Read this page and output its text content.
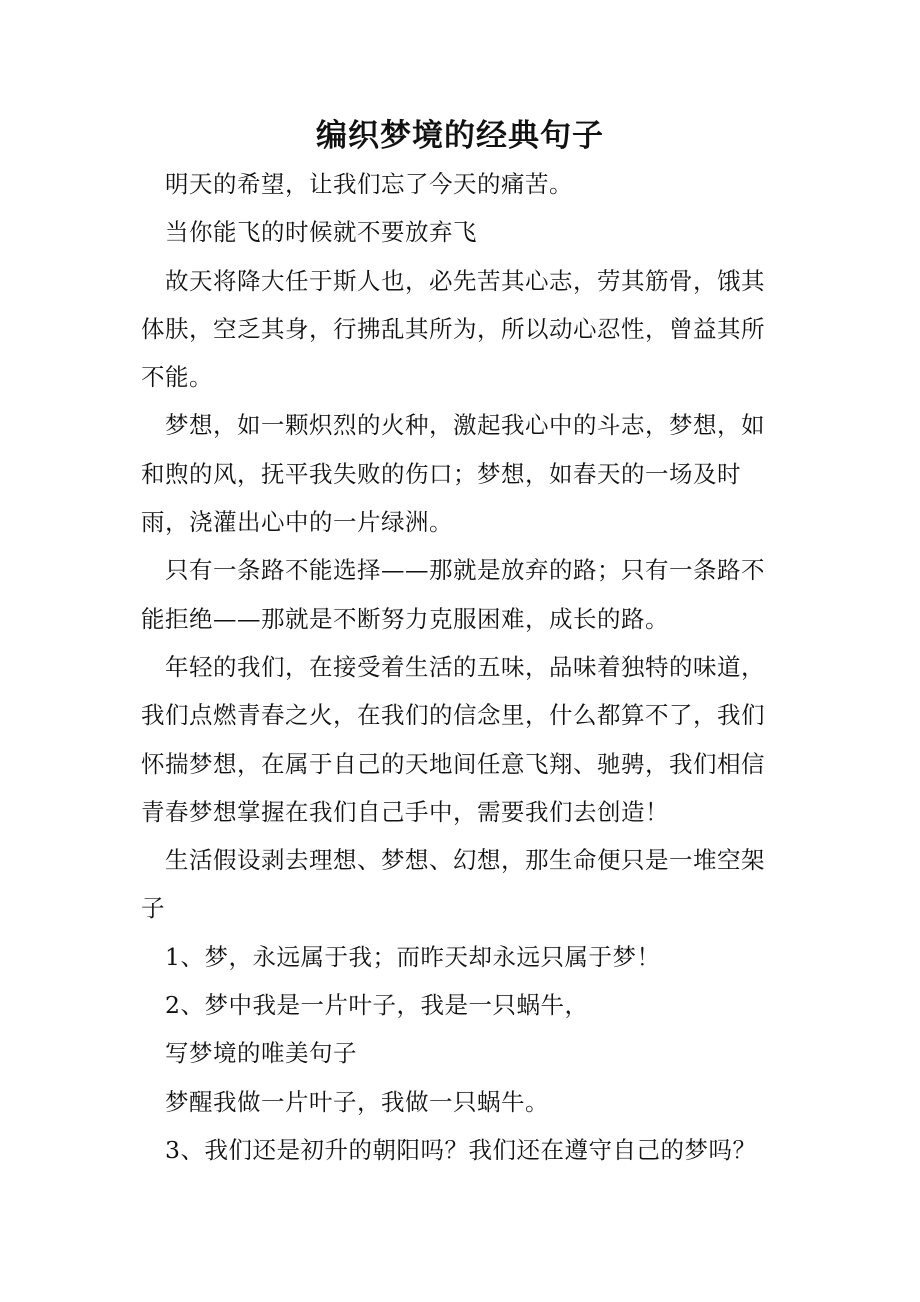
编织梦境的经典句子

明天的希望，让我们忘了今天的痛苦。

当你能飞的时候就不要放弃飞

故天将降大任于斯人也，必先苦其心志，劳其筋骨，饿其体肤，空乏其身，行拂乱其所为，所以动心忍性，曾益其所不能。

梦想，如一颗炽烈的火种，激起我心中的斗志，梦想，如和煦的风，抚平我失败的伤口；梦想，如春天的一场及时雨，浇灌出心中的一片绿洲。

只有一条路不能选择——那就是放弃的路；只有一条路不能拒绝——那就是不断努力克服困难，成长的路。

年轻的我们，在接受着生活的五味，品味着独特的味道，我们点燃青春之火，在我们的信念里，什么都算不了，我们怀揣梦想，在属于自己的天地间任意飞翔、驰骋，我们相信青春梦想掌握在我们自己手中，需要我们去创造！

生活假设剥去理想、梦想、幻想，那生命便只是一堆空架子

1、梦，永远属于我；而昨天却永远只属于梦！

2、梦中我是一片叶子，我是一只蜗牛，

写梦境的唯美句子

梦醒我做一片叶子，我做一只蜗牛。

3、我们还是初升的朝阳吗？我们还在遵守自己的梦吗？
